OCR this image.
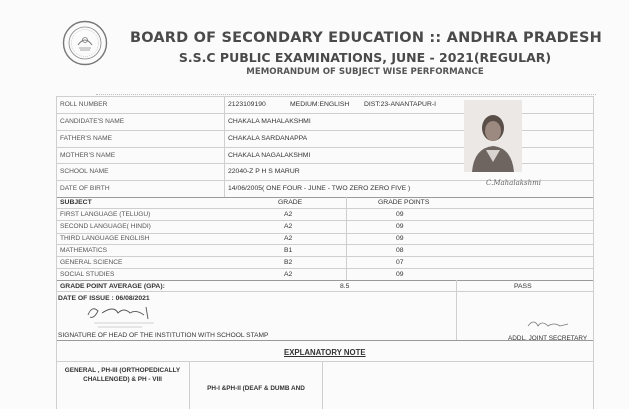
BOARD OF SECONDARY EDUCATION :: ANDHRA PRADESH
S.S.C PUBLIC EXAMINATIONS, JUNE - 2021(REGULAR)
MEMORANDUM OF SUBJECT WISE PERFORMANCE
ROLL NUMBER	2123109190	MEDIUM:ENGLISH DIST:23-ANANTAPUR-I
CANDIDATE'S NAME	CHAKALA MAHALAKSHMI
FATHER'S NAME	CHAKALA SARDANAPPA
MOTHER'S NAME	CHAKALA NAGALAKSHMI
SCHOOL NAME	22040-Z P H S MARUR
DATE OF BIRTH	14/06/2005( ONE FOUR - JUNE - TWO ZERO ZERO FIVE )
C.Mahalakshmi
SUBJECT	GRADE	GRADE POINTS
FIRST LANGUAGE (TELUGU)	A2	09
SECOND LANGUAGE( HINDI)	A2	09
THIRD LANGUAGE ENGLISH	A2	09
MATHEMATICS	B1	08
GENERAL SCIENCE	B2	07
SOCIAL STUDIES	A2	09
GRADE POINT AVERAGE (GPA):	8.5	PASS
DATE OF ISSUE : 06/08/2021
SIGNATURE OF HEAD OF THE INSTITUTION WITH SCHOOL STAMP	ADDL. JOINT SECRETARY
GENERAL , PH-III (ORTHOPEDICALLY CHALLENGED) & PH - VIII
PH-I &PH-II (DEAF & DUMB AND
EXPLANATORY NOTE
